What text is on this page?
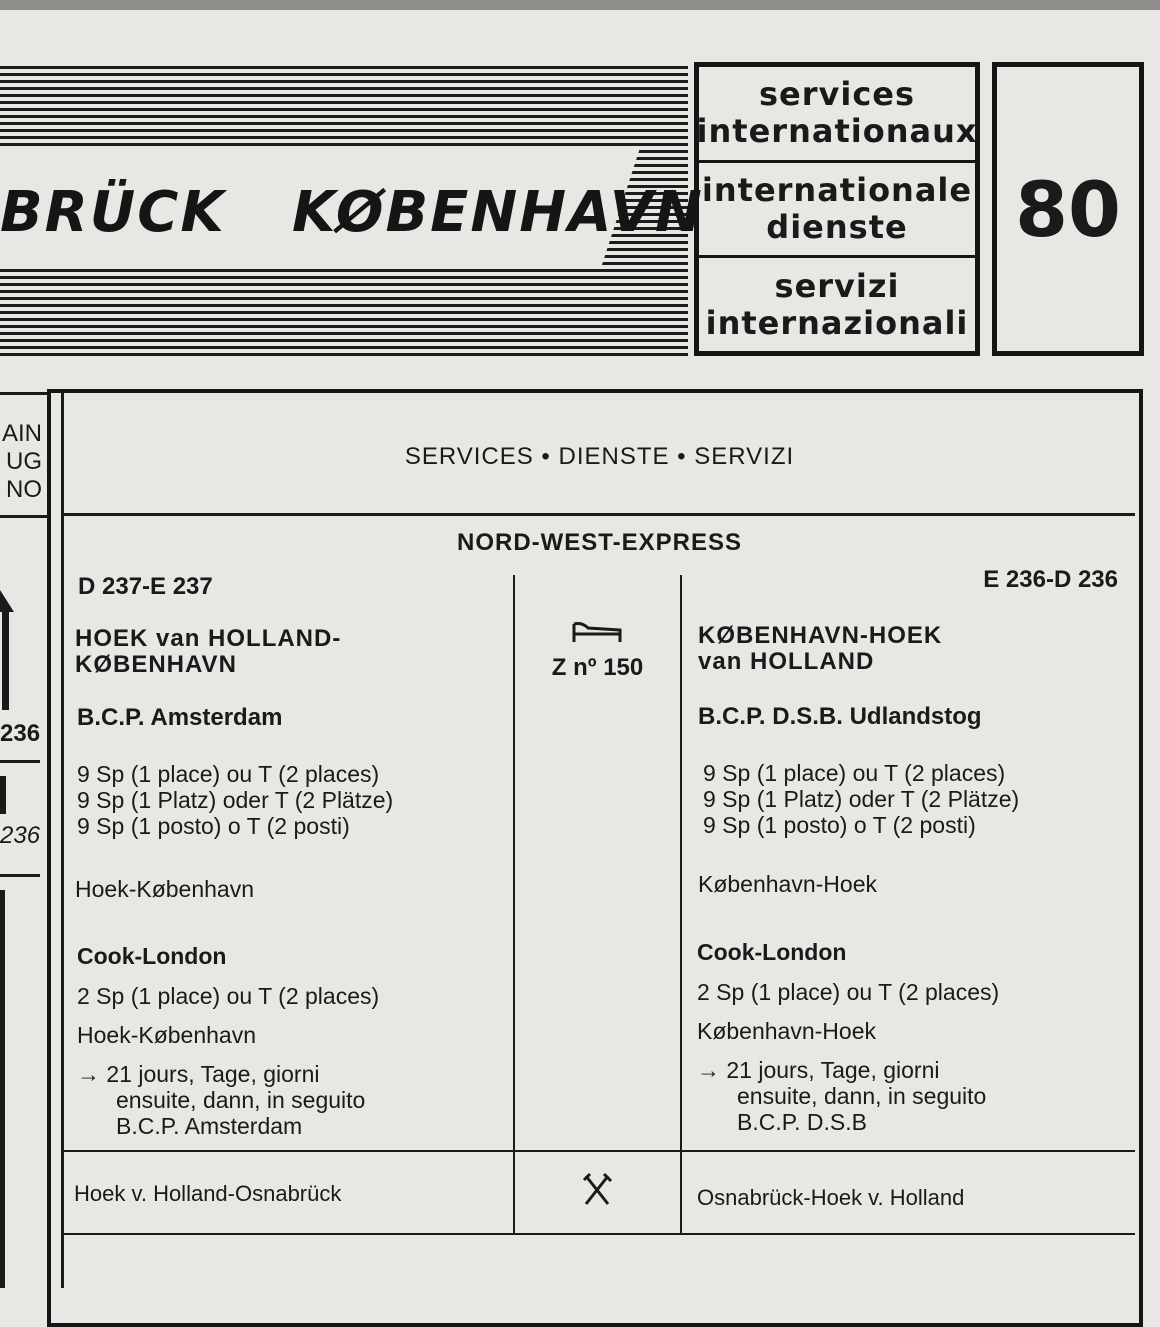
BRÜCK KØBENHAVN
services
internationaux
internationale
dienste
servizi
internazionali
80
AIN
UG
NO
236
236
SERVICES • DIENSTE • SERVIZI
NORD-WEST-EXPRESS
D 237-E 237
HOEK van HOLLAND-
KØBENHAVN
B.C.P. Amsterdam
9 Sp (1 place) ou T (2 places)
9 Sp (1 Platz) oder T (2 Plätze)
9 Sp (1 posto) o T (2 posti)
Hoek-København
Cook-London
2 Sp (1 place) ou T (2 places)
Hoek-København
→ 21 jours, Tage, giorni
ensuite, dann, in seguito
B.C.P. Amsterdam
Hoek v. Holland-Osnabrück
Z nº 150
E 236-D 236
KØBENHAVN-HOEK
van HOLLAND
B.C.P. D.S.B. Udlandstog
9 Sp (1 place) ou T (2 places)
9 Sp (1 Platz) oder T (2 Plätze)
9 Sp (1 posto) o T (2 posti)
København-Hoek
Cook-London
2 Sp (1 place) ou T (2 places)
København-Hoek
→ 21 jours, Tage, giorni
ensuite, dann, in seguito
B.C.P. D.S.B
Osnabrück-Hoek v. Holland
